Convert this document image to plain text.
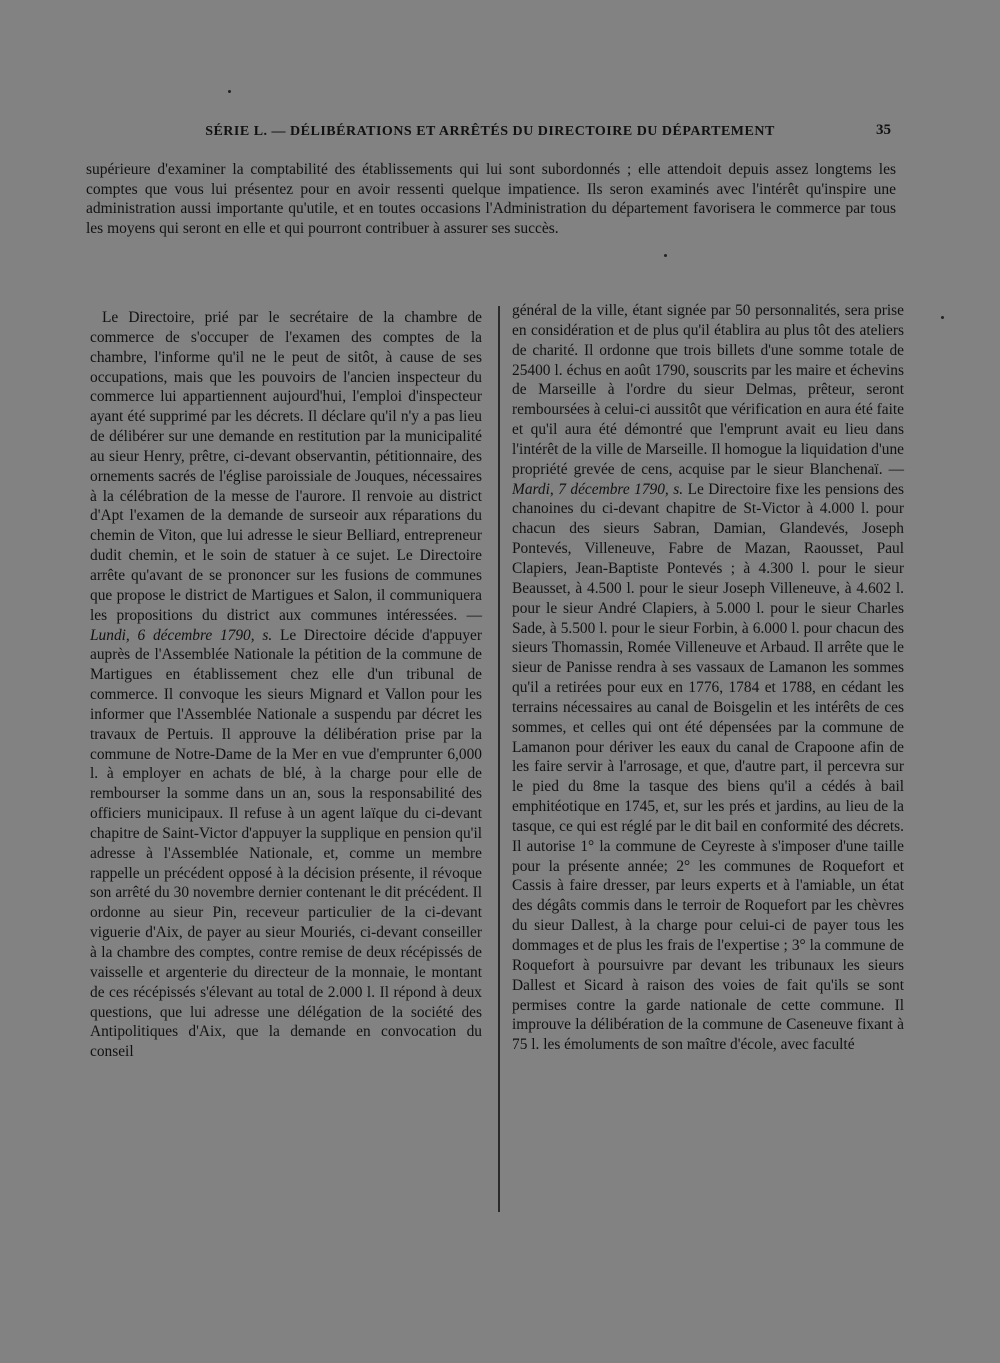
SÉRIE L. — DÉLIBÉRATIONS ET ARRÊTÉS DU DIRECTOIRE DU DÉPARTEMENT	35

supérieure d'examiner la comptabilité des établissements qui lui sont subordonnés ; elle attendoit depuis assez longtems les comptes que vous lui présentez pour en avoir ressenti quelque impatience. Ils seron examinés avec l'intérêt qu'inspire une administration aussi importante qu'utile, et en toutes occasions l'Administration du département favorisera le commerce par tous les moyens qui seront en elle et qui pourront contribuer à assurer ses succès.

Le Directoire, prié par le secrétaire de la chambre de commerce de s'occuper de l'examen des comptes de la chambre, l'informe qu'il ne le peut de sitôt, à cause de ses occupations, mais que les pouvoirs de l'ancien inspecteur du commerce lui appartiennent aujourd'hui, l'emploi d'inspecteur ayant été supprimé par les décrets. Il déclare qu'il n'y a pas lieu de délibérer sur une demande en restitution par la municipalité au sieur Henry, prêtre, ci-devant observantin, pétitionnaire, des ornements sacrés de l'église paroissiale de Jouques, nécessaires à la célébration de la messe de l'aurore. Il renvoie au district d'Apt l'examen de la demande de surseoir aux réparations du chemin de Viton, que lui adresse le sieur Belliard, entrepreneur dudit chemin, et le soin de statuer à ce sujet. Le Directoire arrête qu'avant de se prononcer sur les fusions de communes que propose le district de Martigues et Salon, il communiquera les propositions du district aux communes intéressées. — Lundi, 6 décembre 1790, s. Le Directoire décide d'appuyer auprès de l'Assemblée Nationale la pétition de la commune de Martigues en établissement chez elle d'un tribunal de commerce. Il convoque les sieurs Mignard et Vallon pour les informer que l'Assemblée Nationale a suspendu par décret les travaux de Pertuis. Il approuve la délibération prise par la commune de Notre-Dame de la Mer en vue d'emprunter 6,000 l. à employer en achats de blé, à la charge pour elle de rembourser la somme dans un an, sous la responsabilité des officiers municipaux. Il refuse à un agent laïque du ci-devant chapitre de Saint-Victor d'appuyer la supplique en pension qu'il adresse à l'Assemblée Nationale, et, comme un membre rappelle un précédent opposé à la décision présente, il révoque son arrêté du 30 novembre dernier contenant le dit précédent. Il ordonne au sieur Pin, receveur particulier de la ci-devant viguerie d'Aix, de payer au sieur Mouriés, ci-devant conseiller à la chambre des comptes, contre remise de deux récépissés de vaisselle et argenterie du directeur de la monnaie, le montant de ces récépissés s'élevant au total de 2.000 l. Il répond à deux questions, que lui adresse une délégation de la société des Antipolitiques d'Aix, que la demande en convocation du conseil
général de la ville, étant signée par 50 personnalités, sera prise en considération et de plus qu'il établira au plus tôt des ateliers de charité. Il ordonne que trois billets d'une somme totale de 25400 l. échus en août 1790, souscrits par les maire et échevins de Marseille à l'ordre du sieur Delmas, prêteur, seront remboursées à celui-ci aussitôt que vérification en aura été faite et qu'il aura été démontré que l'emprunt avait eu lieu dans l'intérêt de la ville de Marseille. Il homogue la liquidation d'une propriété grevée de cens, acquise par le sieur Blanchenaï. — Mardi, 7 décembre 1790, s. Le Directoire fixe les pensions des chanoines du ci-devant chapitre de St-Victor à 4.000 l. pour chacun des sieurs Sabran, Damian, Glandevés, Joseph Pontevés, Villeneuve, Fabre de Mazan, Raousset, Paul Clapiers, Jean-Baptiste Pontevés ; à 4.300 l. pour le sieur Beausset, à 4.500 l. pour le sieur Joseph Villeneuve, à 4.602 l. pour le sieur André Clapiers, à 5.000 l. pour le sieur Charles Sade, à 5.500 l. pour le sieur Forbin, à 6.000 l. pour chacun des sieurs Thomassin, Romée Villeneuve et Arbaud. Il arrête que le sieur de Panisse rendra à ses vassaux de Lamanon les sommes qu'il a retirées pour eux en 1776, 1784 et 1788, en cédant les terrains nécessaires au canal de Boisgelin et les intérêts de ces sommes, et celles qui ont été dépensées par la commune de Lamanon pour dériver les eaux du canal de Crapoone afin de les faire servir à l'arrosage, et que, d'autre part, il percevra sur le pied du 8me la tasque des biens qu'il a cédés à bail emphitéotique en 1745, et, sur les prés et jardins, au lieu de la tasque, ce qui est réglé par le dit bail en conformité des décrets. Il autorise 1° la commune de Ceyreste à s'imposer d'une taille pour la présente année; 2° les communes de Roquefort et Cassis à faire dresser, par leurs experts et à l'amiable, un état des dégâts commis dans le terroir de Roquefort par les chèvres du sieur Dallest, à la charge pour celui-ci de payer tous les dommages et de plus les frais de l'expertise ; 3° la commune de Roquefort à poursuivre par devant les tribunaux les sieurs Dallest et Sicard à raison des voies de fait qu'ils se sont permises contre la garde nationale de cette commune. Il improuve la délibération de la commune de Caseneuve fixant à 75 l. les émoluments de son maître d'école, avec faculté
